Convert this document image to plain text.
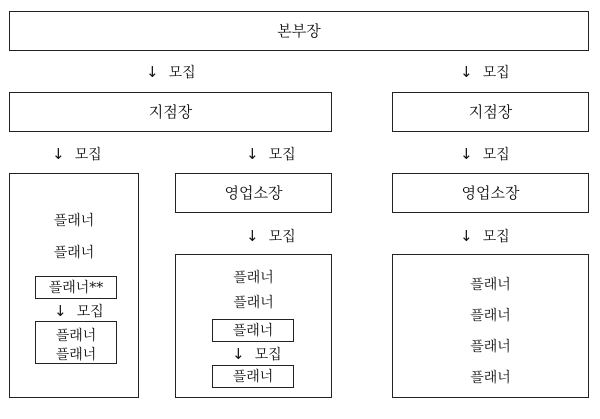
본부장
↓ 모집	↓ 모집
지점장	지점장
↓ 모집	↓ 모집	↓ 모집
플래너
플래너
플래너**
↓ 모집
플래너
플래너
영업소장
↓ 모집
플래너
플래너
플래너
↓ 모집
플래너
영업소장
↓ 모집
플래너
플래너
플래너
플래너
